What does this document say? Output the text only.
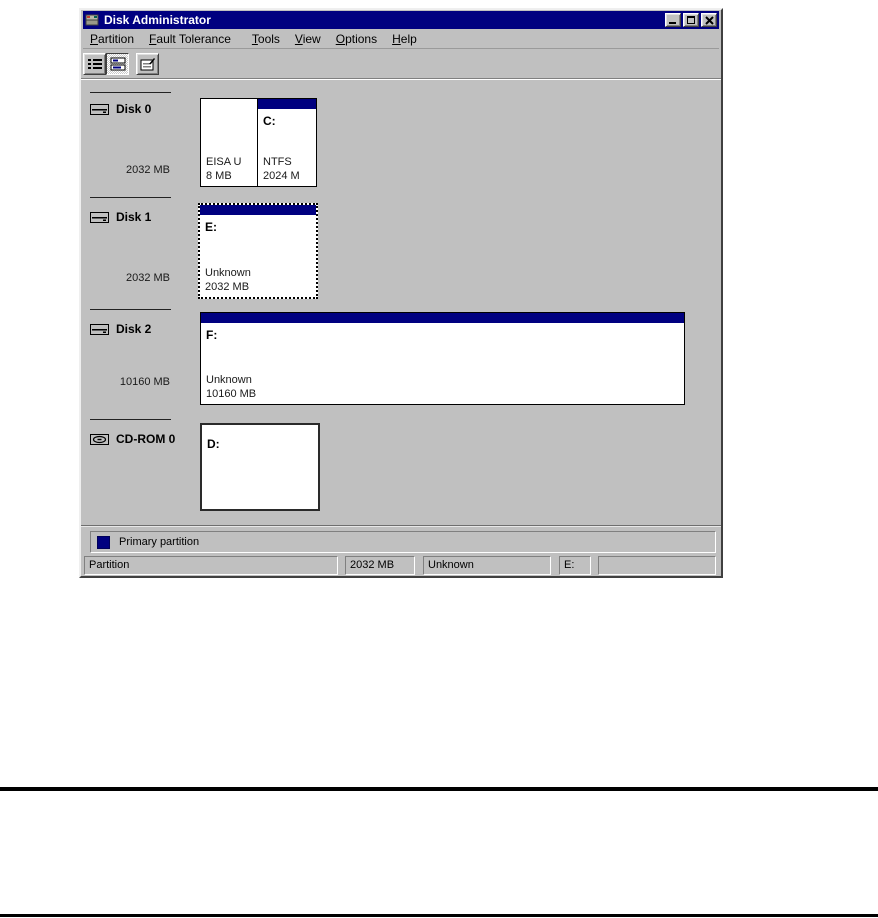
Disk Administrator
Partition	Fault Tolerance	Tools	View	Options	Help
Disk 0
2032 MB
EISA U
8 MB
C:
NTFS
2024 M
Disk 1
2032 MB
E:
Unknown
2032 MB
Disk 2
10160 MB
F:
Unknown
10160 MB
CD-ROM 0	D:
Primary partition
Partition	2032 MB	Unknown	E:
